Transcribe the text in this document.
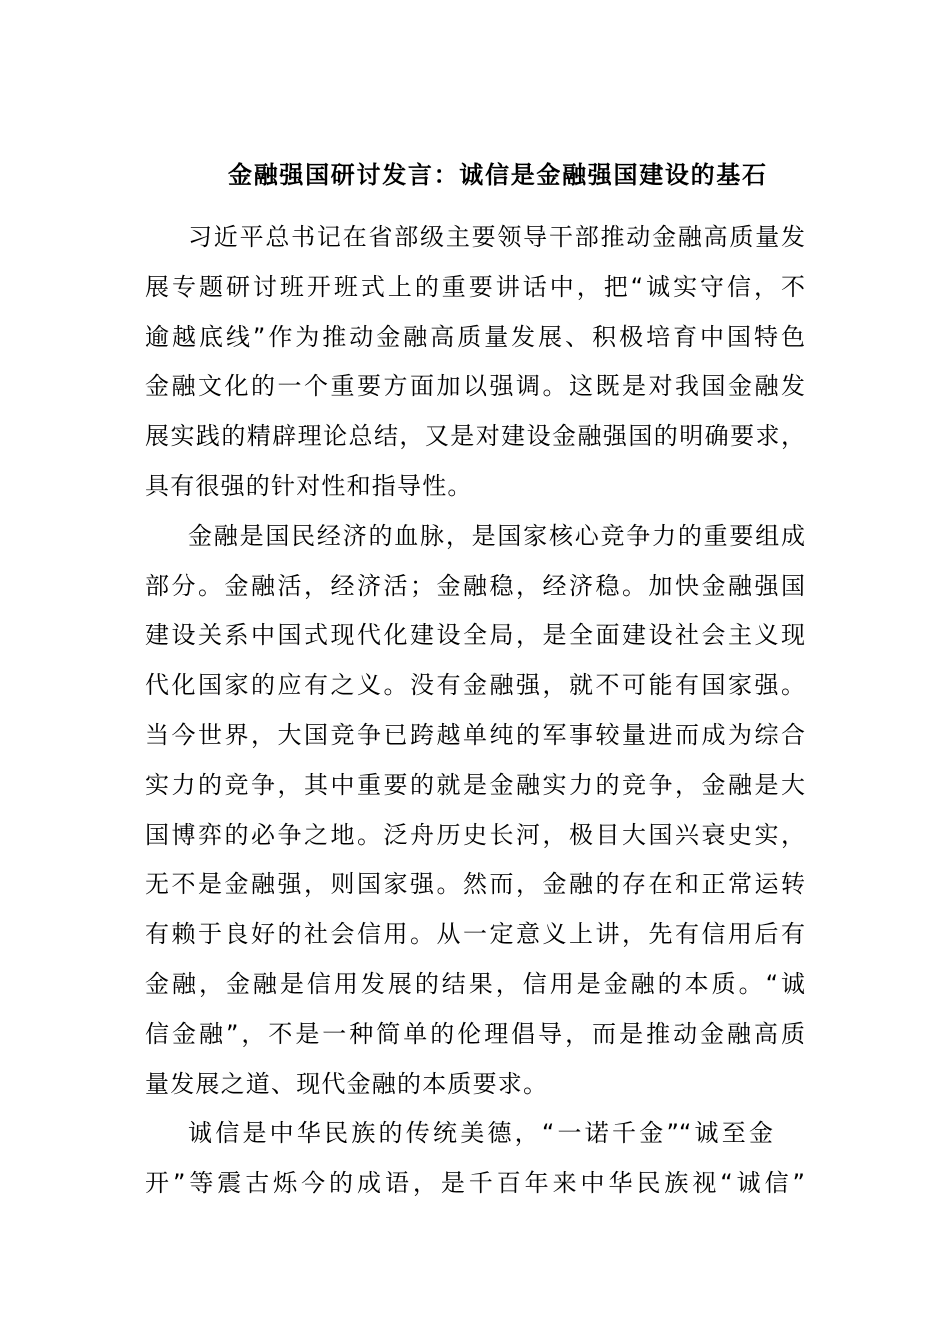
金融强国研讨发言：诚信是金融强国建设的基石
习近平总书记在省部级主要领导干部推动金融高质量发
展专题研讨班开班式上的重要讲话中，把“诚实守信，不
逾越底线”作为推动金融高质量发展、积极培育中国特色
金融文化的一个重要方面加以强调。这既是对我国金融发
展实践的精辟理论总结，又是对建设金融强国的明确要求，
具有很强的针对性和指导性。
金融是国民经济的血脉，是国家核心竞争力的重要组成
部分。金融活，经济活；金融稳，经济稳。加快金融强国
建设关系中国式现代化建设全局，是全面建设社会主义现
代化国家的应有之义。没有金融强，就不可能有国家强。
当今世界，大国竞争已跨越单纯的军事较量进而成为综合
实力的竞争，其中重要的就是金融实力的竞争，金融是大
国博弈的必争之地。泛舟历史长河，极目大国兴衰史实，
无不是金融强，则国家强。然而，金融的存在和正常运转
有赖于良好的社会信用。从一定意义上讲，先有信用后有
金融，金融是信用发展的结果，信用是金融的本质。“诚
信金融”，不是一种简单的伦理倡导，而是推动金融高质
量发展之道、现代金融的本质要求。
诚信是中华民族的传统美德，“一诺千金”“诚至金
开”等震古烁今的成语，是千百年来中华民族视“诚信”
